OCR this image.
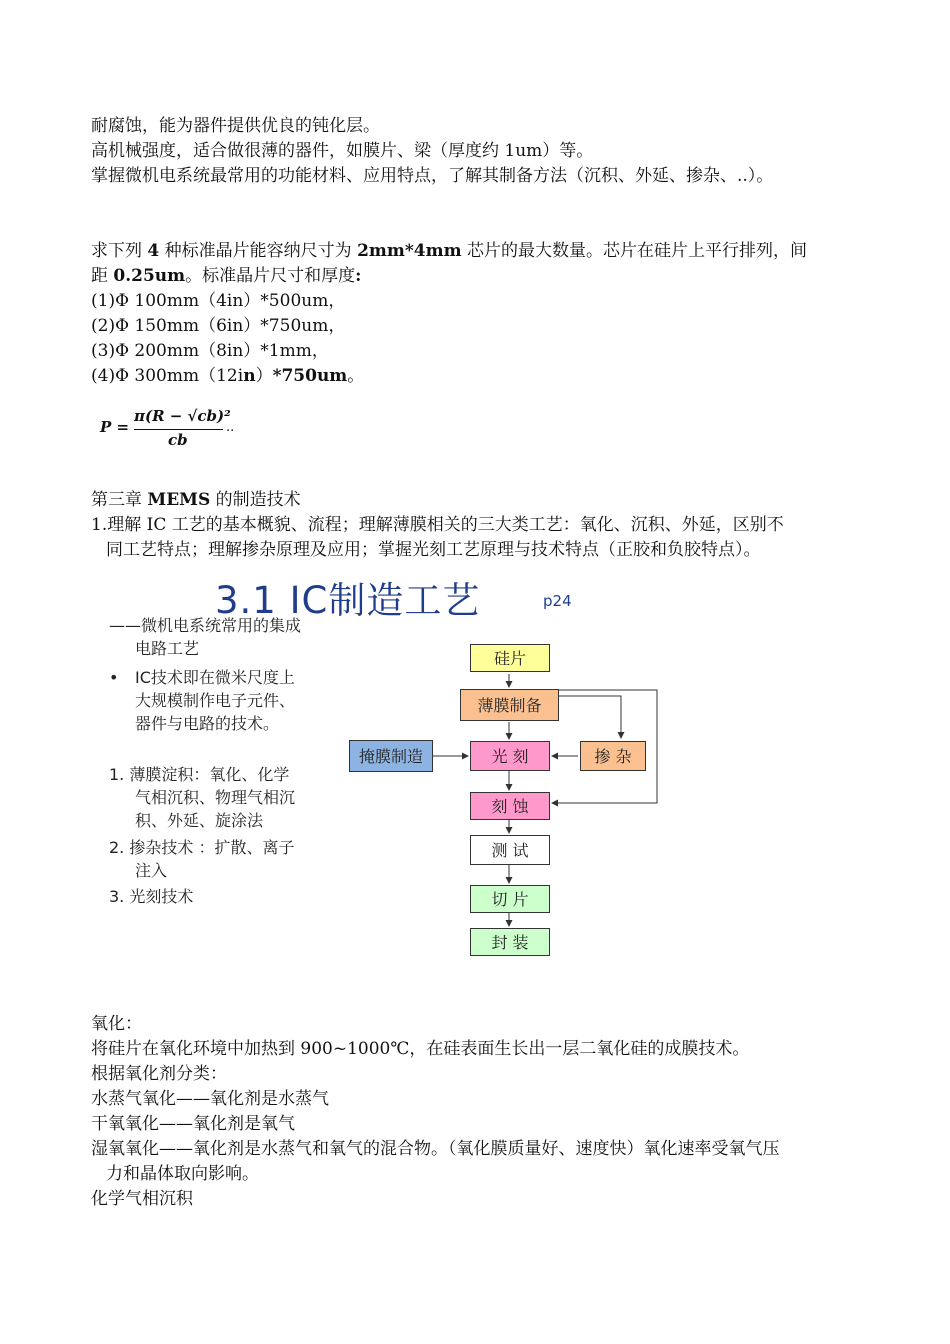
耐腐蚀，能为器件提供优良的钝化层。
高机械强度，适合做很薄的器件，如膜片、梁（厚度约 1um）等。
掌握微机电系统最常用的功能材料、应用特点，了解其制备方法（沉积、外延、掺杂、..）。
求下列 4 种标准晶片能容纳尺寸为 2mm*4mm 芯片的最大数量。芯片在硅片上平行排列，间
距 0.25um。标准晶片尺寸和厚度:
(1)Φ 100mm（4in）*500um，
(2)Φ 150mm（6in）*750um，
(3)Φ 200mm（8in）*1mm，
(4)Φ 300mm（12in）*750um。
P =
π(R − √cb)²
cb
..
第三章 MEMS 的制造技术
1.理解 IC 工艺的基本概貌、流程；理解薄膜相关的三大类工艺：氧化、沉积、外延，区别不
同工艺特点；理解掺杂原理及应用；掌握光刻工艺原理与技术特点（正胶和负胶特点）。
3.1 IC制造工艺	p24
——微机电系统常用的集成
电路工艺
• IC技术即在微米尺度上
大规模制作电子元件、
器件与电路的技术。
1. 薄膜淀积：氧化、化学
气相沉积、物理气相沉
积、外延、旋涂法
2. 掺杂技术 ：扩散、离子
注入
3. 光刻技术
硅片
薄膜制备
掩膜制造	光 刻	掺 杂
刻 蚀
测 试
切 片
封 装
氧化：
将硅片在氧化环境中加热到 900~1000℃，在硅表面生长出一层二氧化硅的成膜技术。
根据氧化剂分类：
水蒸气氧化——氧化剂是水蒸气
干氧氧化——氧化剂是氧气
湿氧氧化——氧化剂是水蒸气和氧气的混合物。（氧化膜质量好、速度快）氧化速率受氧气压
力和晶体取向影响。
化学气相沉积
